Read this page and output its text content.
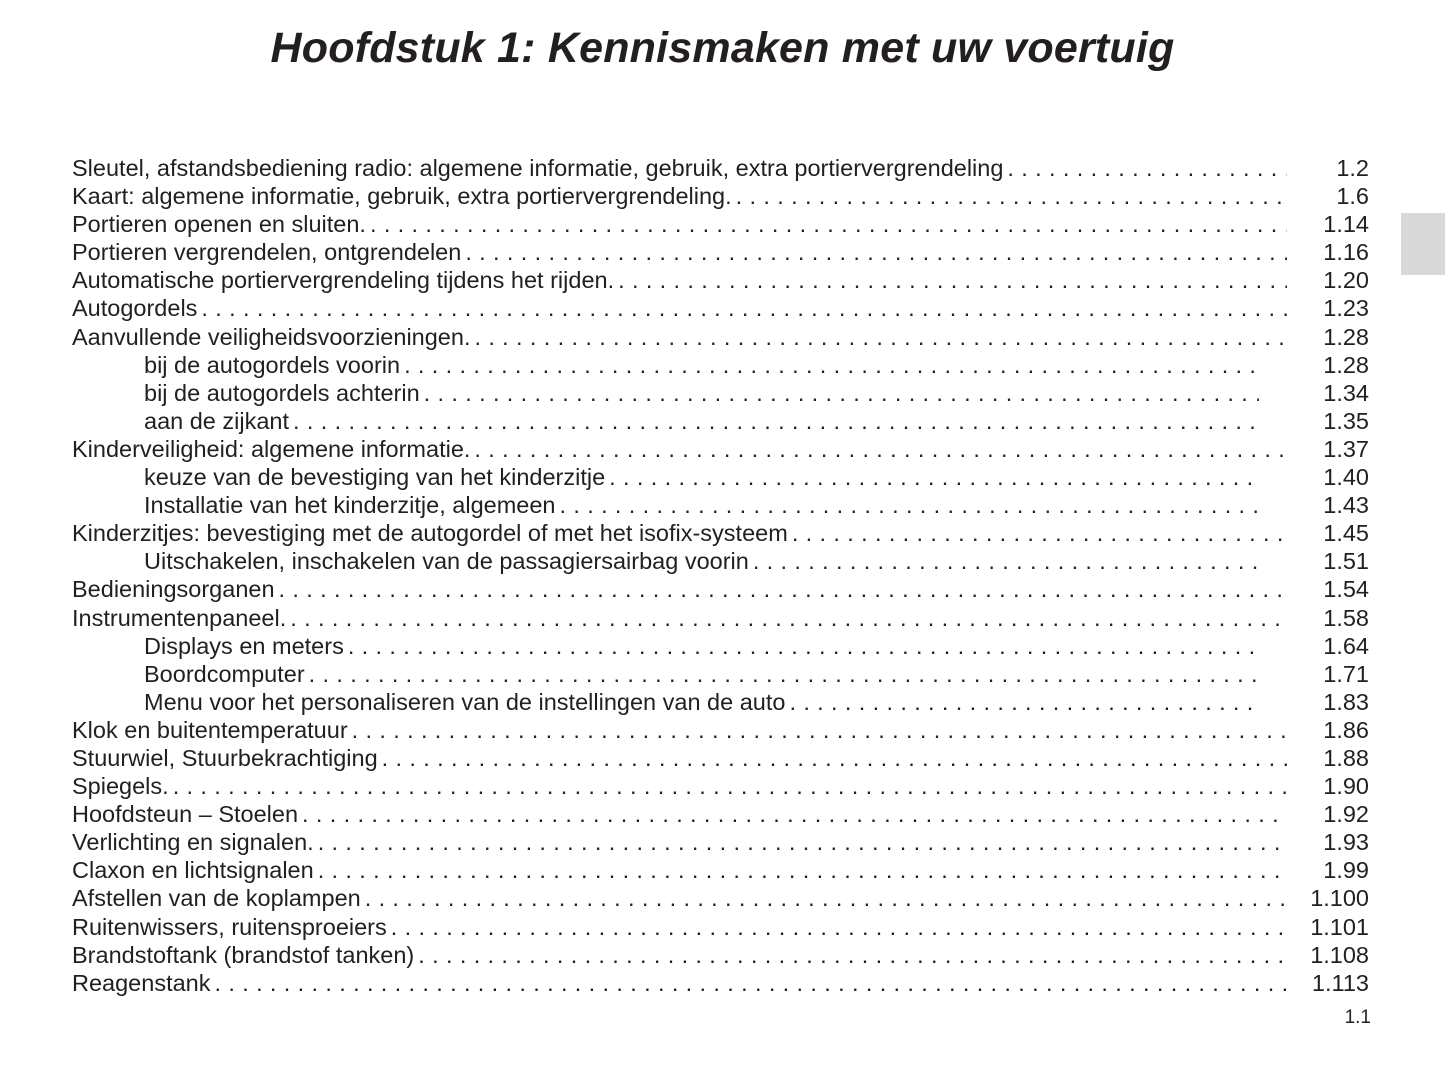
Hoofdstuk 1: Kennismaken met uw voertuig
Sleutel, afstandsbediening radio: algemene informatie, gebruik, extra portiervergrendeling . . .	1.2
Kaart: algemene informatie, gebruik, extra portiervergrendeling. . . .	1.6
Portieren openen en sluiten. . . .	1.14
Portieren vergrendelen, ontgrendelen . . .	1.16
Automatische portiervergrendeling tijdens het rijden. . . .	1.20
Autogordels . . .	1.23
Aanvullende veiligheidsvoorzieningen. . . .	1.28
bij de autogordels voorin . . .	1.28
bij de autogordels achterin . . .	1.34
aan de zijkant . . .	1.35
Kinderveiligheid: algemene informatie. . . .	1.37
keuze van de bevestiging van het kinderzitje . . .	1.40
Installatie van het kinderzitje, algemeen . . .	1.43
Kinderzitjes: bevestiging met de autogordel of met het isofix-systeem . . .	1.45
Uitschakelen, inschakelen van de passagiersairbag voorin . . .	1.51
Bedieningsorganen . . .	1.54
Instrumentenpaneel. . . .	1.58
Displays en meters . . .	1.64
Boordcomputer . . .	1.71
Menu voor het personaliseren van de instellingen van de auto . . .	1.83
Klok en buitentemperatuur . . .	1.86
Stuurwiel, Stuurbekrachtiging . . .	1.88
Spiegels. . . .	1.90
Hoofdsteun – Stoelen . . .	1.92
Verlichting en signalen. . . .	1.93
Claxon en lichtsignalen . . .	1.99
Afstellen van de koplampen . . .	1.100
Ruitenwissers, ruitensproeiers . . .	1.101
Brandstoftank (brandstof tanken) . . .	1.108
Reagenstank . . .	1.113
1.1
